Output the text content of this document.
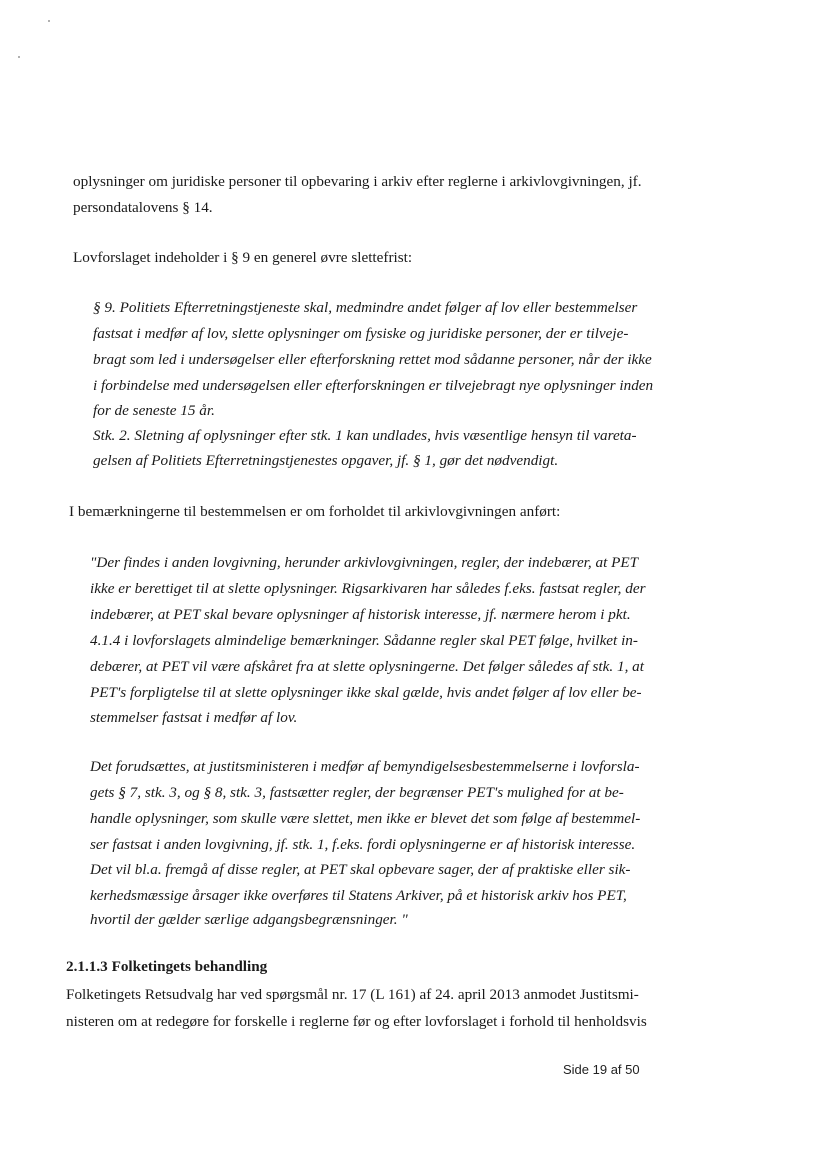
oplysninger om juridiske personer til opbevaring i arkiv efter reglerne i arkivlovgivningen, jf.
persondatalovens § 14.
Lovforslaget indeholder i § 9 en generel øvre slettefrist:
§ 9. Politiets Efterretningstjeneste skal, medmindre andet følger af lov eller bestemmelser
fastsat i medfør af lov, slette oplysninger om fysiske og juridiske personer, der er tilveje-
bragt som led i undersøgelser eller efterforskning rettet mod sådanne personer, når der ikke
i forbindelse med undersøgelsen eller efterforskningen er tilvejebragt nye oplysninger inden
for de seneste 15 år.
Stk. 2. Sletning af oplysninger efter stk. 1 kan undlades, hvis væsentlige hensyn til vareta-
gelsen af Politiets Efterretningstjenestes opgaver, jf. § 1, gør det nødvendigt.
I bemærkningerne til bestemmelsen er om forholdet til arkivlovgivningen anført:
"Der findes i anden lovgivning, herunder arkivlovgivningen, regler, der indebærer, at PET
ikke er berettiget til at slette oplysninger. Rigsarkivaren har således f.eks. fastsat regler, der
indebærer, at PET skal bevare oplysninger af historisk interesse, jf. nærmere herom i pkt.
4.1.4 i lovforslagets almindelige bemærkninger. Sådanne regler skal PET følge, hvilket in-
debærer, at PET vil være afskåret fra at slette oplysningerne. Det følger således af stk. 1, at
PET's forpligtelse til at slette oplysninger ikke skal gælde, hvis andet følger af lov eller be-
stemmelser fastsat i medfør af lov.
Det forudsættes, at justitsministeren i medfør af bemyndigelsesbestemmelserne i lovforsla-
gets § 7, stk. 3, og § 8, stk. 3, fastsætter regler, der begrænser PET's mulighed for at be-
handle oplysninger, som skulle være slettet, men ikke er blevet det som følge af bestemmel-
ser fastsat i anden lovgivning, jf. stk. 1, f.eks. fordi oplysningerne er af historisk interesse.
Det vil bl.a. fremgå af disse regler, at PET skal opbevare sager, der af praktiske eller sik-
kerhedsmæssige årsager ikke overføres til Statens Arkiver, på et historisk arkiv hos PET,
hvortil der gælder særlige adgangsbegrænsninger. "
2.1.1.3 Folketingets behandling
Folketingets Retsudvalg har ved spørgsmål nr. 17 (L 161) af 24. april 2013 anmodet Justitsmi-
nisteren om at redegøre for forskelle i reglerne før og efter lovforslaget i forhold til henholdsvis
Side 19 af 50
